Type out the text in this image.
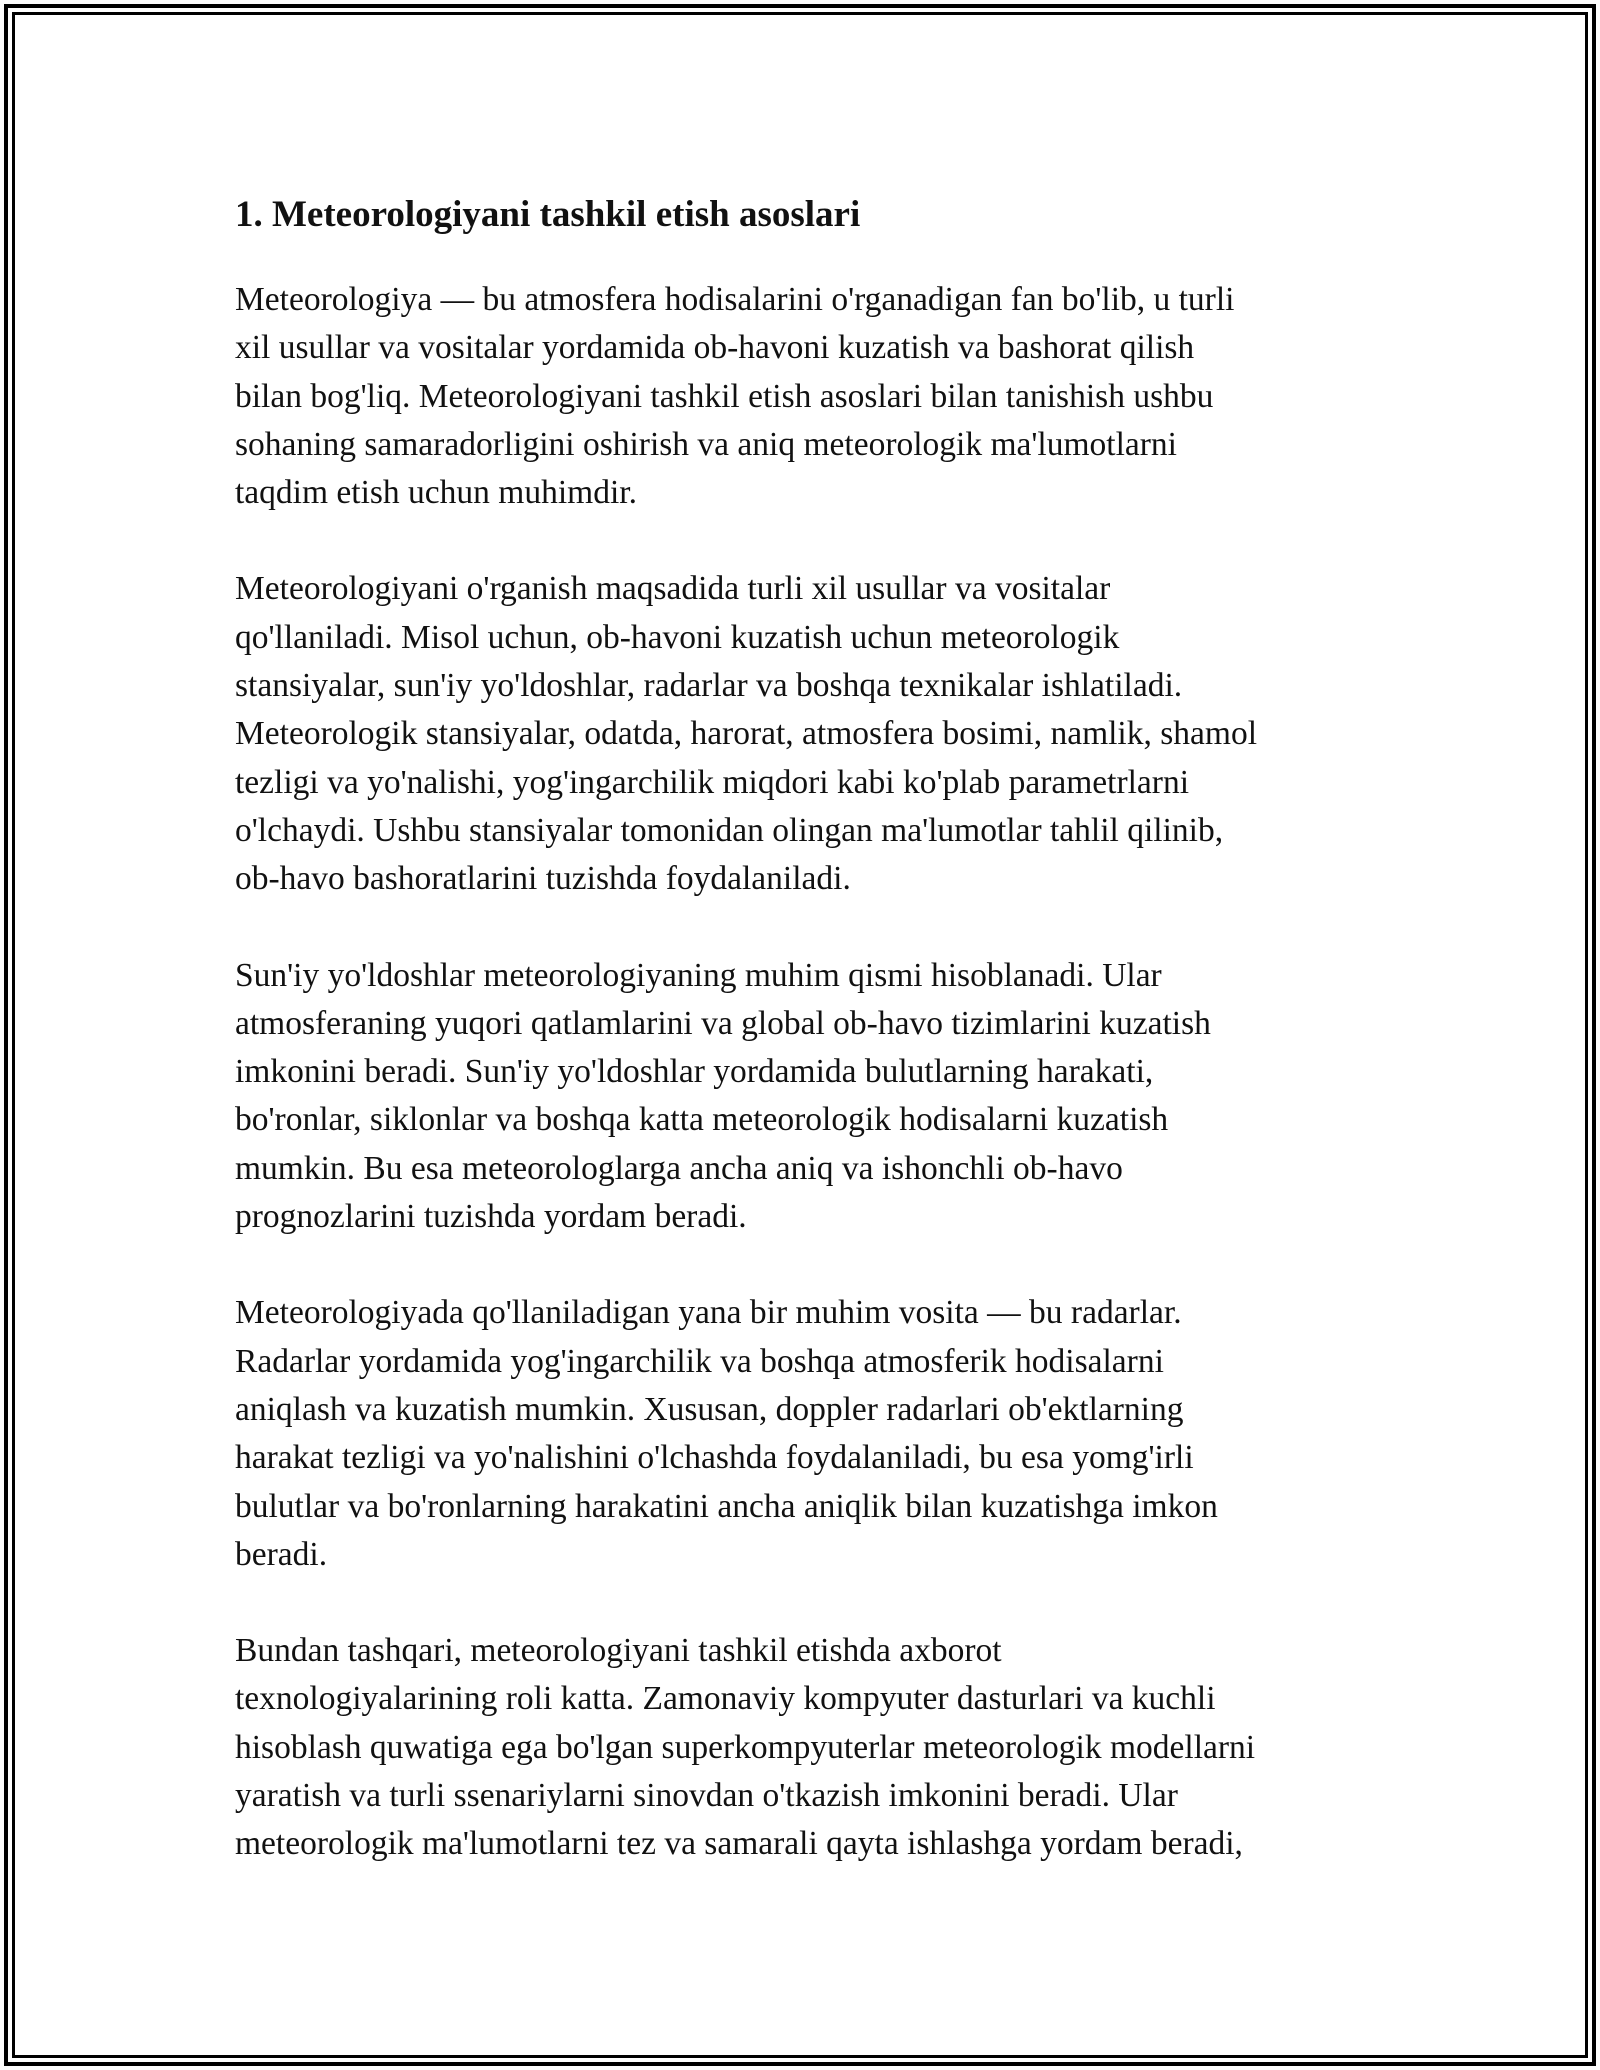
1. Meteorologiyani tashkil etish asoslari

Meteorologiya — bu atmosfera hodisalarini o'rganadigan fan bo'lib, u turli
xil usullar va vositalar yordamida ob-havoni kuzatish va bashorat qilish
bilan bog'liq. Meteorologiyani tashkil etish asoslari bilan tanishish ushbu
sohaning samaradorligini oshirish va aniq meteorologik ma'lumotlarni
taqdim etish uchun muhimdir.

Meteorologiyani o'rganish maqsadida turli xil usullar va vositalar
qo'llaniladi. Misol uchun, ob-havoni kuzatish uchun meteorologik
stansiyalar, sun'iy yo'ldoshlar, radarlar va boshqa texnikalar ishlatiladi.
Meteorologik stansiyalar, odatda, harorat, atmosfera bosimi, namlik, shamol
tezligi va yo'nalishi, yog'ingarchilik miqdori kabi ko'plab parametrlarni
o'lchaydi. Ushbu stansiyalar tomonidan olingan ma'lumotlar tahlil qilinib,
ob-havo bashoratlarini tuzishda foydalaniladi.

Sun'iy yo'ldoshlar meteorologiyaning muhim qismi hisoblanadi. Ular
atmosferaning yuqori qatlamlarini va global ob-havo tizimlarini kuzatish
imkonini beradi. Sun'iy yo'ldoshlar yordamida bulutlarning harakati,
bo'ronlar, siklonlar va boshqa katta meteorologik hodisalarni kuzatish
mumkin. Bu esa meteorologlarga ancha aniq va ishonchli ob-havo
prognozlarini tuzishda yordam beradi.

Meteorologiyada qo'llaniladigan yana bir muhim vosita — bu radarlar.
Radarlar yordamida yog'ingarchilik va boshqa atmosferik hodisalarni
aniqlash va kuzatish mumkin. Xususan, doppler radarlari ob'ektlarning
harakat tezligi va yo'nalishini o'lchashda foydalaniladi, bu esa yomg'irli
bulutlar va bo'ronlarning harakatini ancha aniqlik bilan kuzatishga imkon
beradi.

Bundan tashqari, meteorologiyani tashkil etishda axborot
texnologiyalarining roli katta. Zamonaviy kompyuter dasturlari va kuchli
hisoblash quwatiga ega bo'lgan superkompyuterlar meteorologik modellarni
yaratish va turli ssenariylarni sinovdan o'tkazish imkonini beradi. Ular
meteorologik ma'lumotlarni tez va samarali qayta ishlashga yordam beradi,
